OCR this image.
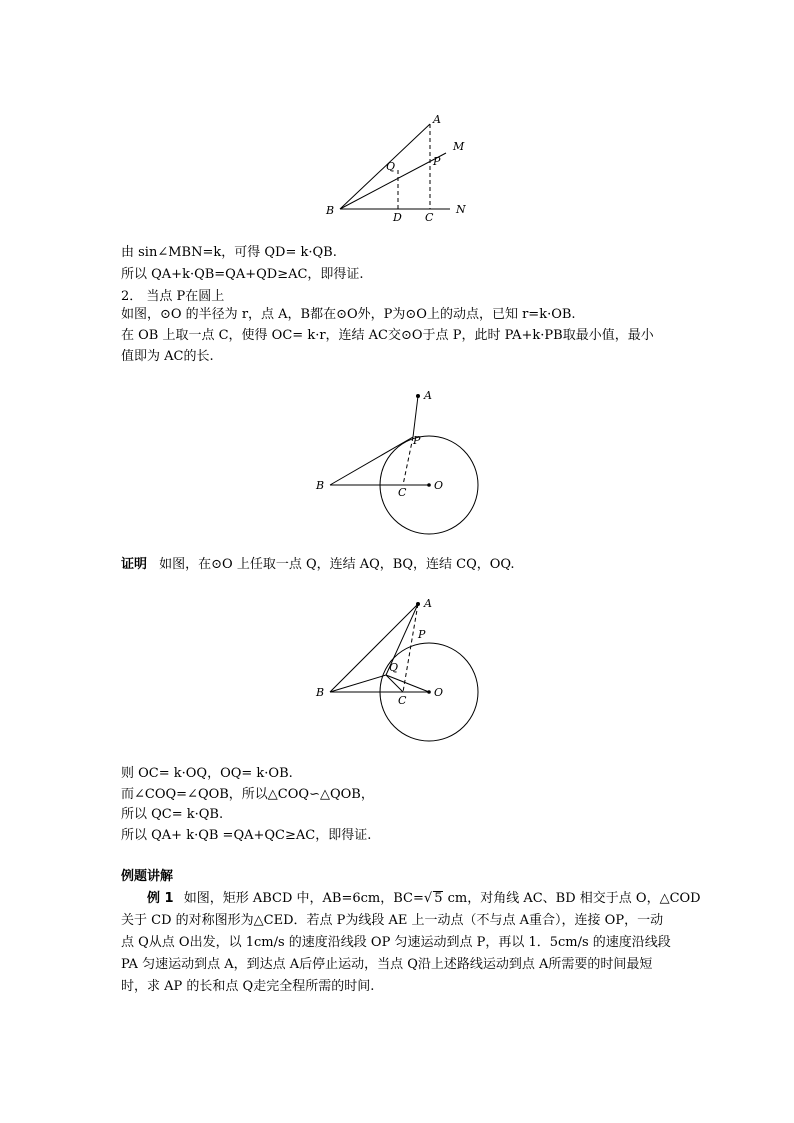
A
M
Q	P
B
D C
N
由 sin∠MBN=k，可得 QD= k·QB.
所以 QA+k·QB=QA+QD≥AC，即得证.
2． 当点 P在圆上
如图，⊙O 的半径为 r，点 A，B都在⊙O外，P为⊙O上的动点，已知 r=k·OB.
在 OB 上取一点 C，使得 OC= k·r，连结 AC交⊙O于点 P，此时 PA+k·PB取最小值，最小
值即为 AC的长.
A
P
B
C
O
证明 如图，在⊙O 上任取一点 Q，连结 AQ，BQ，连结 CQ，OQ.
A
P
Q
B
C
O
则 OC= k·OQ，OQ= k·OB.
而∠COQ=∠QOB，所以△COQ∽△QOB，
所以 QC= k·QB.
所以 QA+ k·QB =QA+QC≥AC，即得证.
例题讲解
例 1 如图，矩形 ABCD 中，AB=6cm，BC=√ 5 cm，对角线 AC、BD 相交于点 O，△COD
关于 CD 的对称图形为△CED．若点 P为线段 AE 上一动点（不与点 A重合），连接 OP，一动
点 Q从点 O出发，以 1cm/s 的速度沿线段 OP 匀速运动到点 P，再以 1．5cm/s 的速度沿线段
PA 匀速运动到点 A，到达点 A后停止运动，当点 Q沿上述路线运动到点 A所需要的时间最短
时，求 AP 的长和点 Q走完全程所需的时间.
